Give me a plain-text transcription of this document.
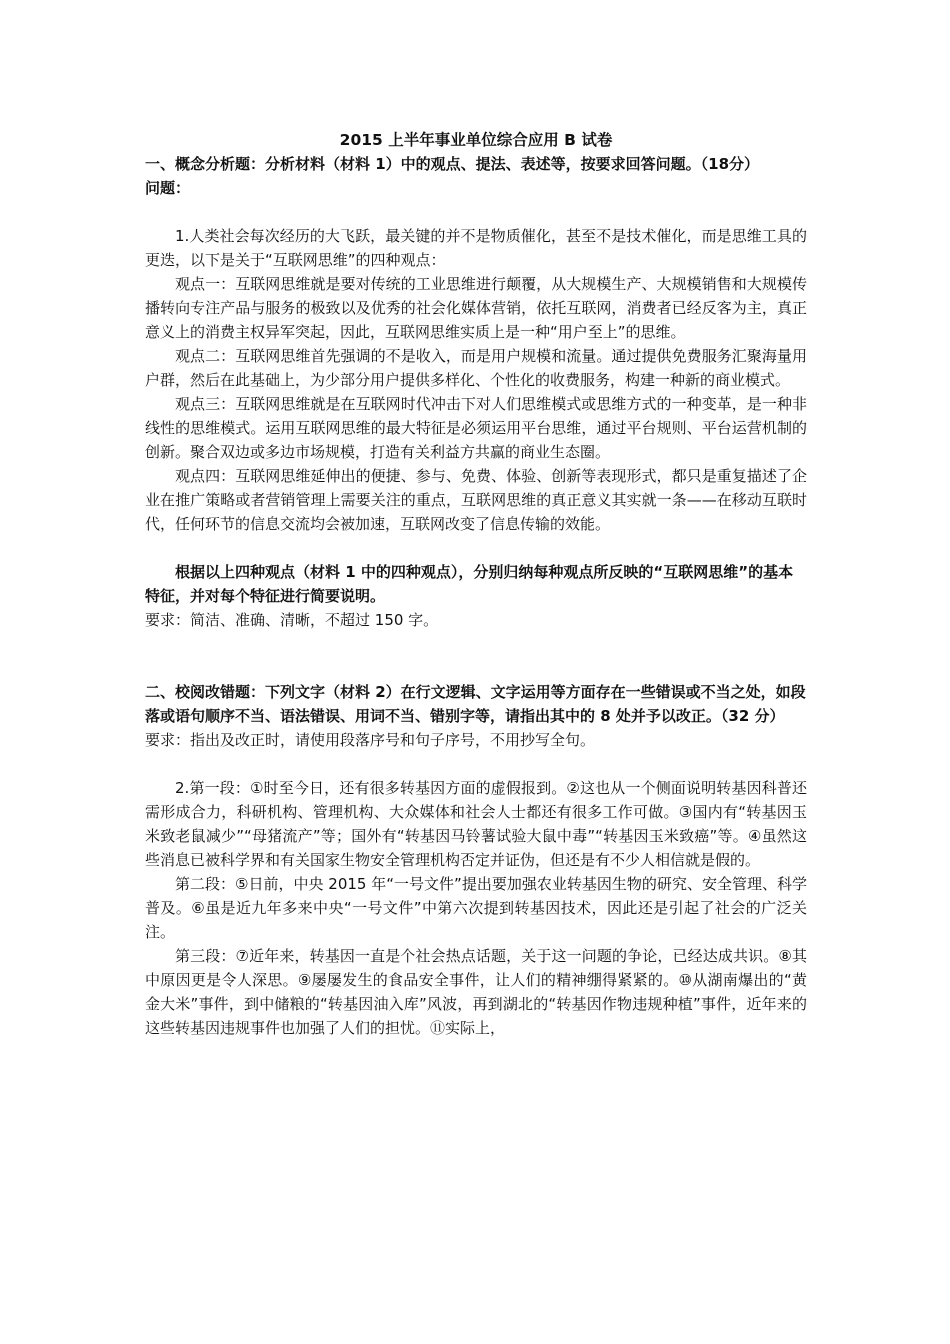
2015 上半年事业单位综合应用 B 试卷

一、概念分析题：分析材料（材料 1）中的观点、提法、表述等，按要求回答问题。（18分）

问题：

1.人类社会每次经历的大飞跃，最关键的并不是物质催化，甚至不是技术催化，而是思维工具的更迭，以下是关于“互联网思维”的四种观点：

观点一：互联网思维就是要对传统的工业思维进行颠覆，从大规模生产、大规模销售和大规模传播转向专注产品与服务的极致以及优秀的社会化媒体营销，依托互联网，消费者已经反客为主，真正意义上的消费主权异军突起，因此，互联网思维实质上是一种“用户至上”的思维。

观点二：互联网思维首先强调的不是收入，而是用户规模和流量。通过提供免费服务汇聚海量用户群，然后在此基础上，为少部分用户提供多样化、个性化的收费服务，构建一种新的商业模式。

观点三：互联网思维就是在互联网时代冲击下对人们思维模式或思维方式的一种变革，是一种非线性的思维模式。运用互联网思维的最大特征是必须运用平台思维，通过平台规则、平台运营机制的创新。聚合双边或多边市场规模，打造有关利益方共赢的商业生态圈。

观点四：互联网思维延伸出的便捷、参与、免费、体验、创新等表现形式，都只是重复描述了企业在推广策略或者营销管理上需要关注的重点，互联网思维的真正意义其实就一条——在移动互联时代，任何环节的信息交流均会被加速，互联网改变了信息传输的效能。

根据以上四种观点（材料 1 中的四种观点），分别归纳每种观点所反映的“互联网思维”的基本特征，并对每个特征进行简要说明。

要求：简洁、准确、清晰，不超过 150 字。

二、校阅改错题：下列文字（材料 2）在行文逻辑、文字运用等方面存在一些错误或不当之处，如段落或语句顺序不当、语法错误、用词不当、错别字等，请指出其中的 8 处并予以改正。（32 分）

要求：指出及改正时，请使用段落序号和句子序号，不用抄写全句。

2.第一段：①时至今日，还有很多转基因方面的虚假报到。②这也从一个侧面说明转基因科普还需形成合力，科研机构、管理机构、大众媒体和社会人士都还有很多工作可做。③国内有“转基因玉米致老鼠减少”“母猪流产”等；国外有“转基因马铃薯试验大鼠中毒”“转基因玉米致癌”等。④虽然这些消息已被科学界和有关国家生物安全管理机构否定并证伪，但还是有不少人相信就是假的。

第二段：⑤日前，中央 2015 年“一号文件”提出要加强农业转基因生物的研究、安全管理、科学普及。⑥虽是近九年多来中央“一号文件”中第六次提到转基因技术，因此还是引起了社会的广泛关注。

第三段：⑦近年来，转基因一直是个社会热点话题，关于这一问题的争论，已经达成共识。⑧其中原因更是令人深思。⑨屡屡发生的食品安全事件，让人们的精神绷得紧紧的。⑩从湖南爆出的“黄金大米”事件，到中储粮的“转基因油入库”风波，再到湖北的“转基因作物违规种植”事件，近年来的这些转基因违规事件也加强了人们的担忧。⑪实际上，
